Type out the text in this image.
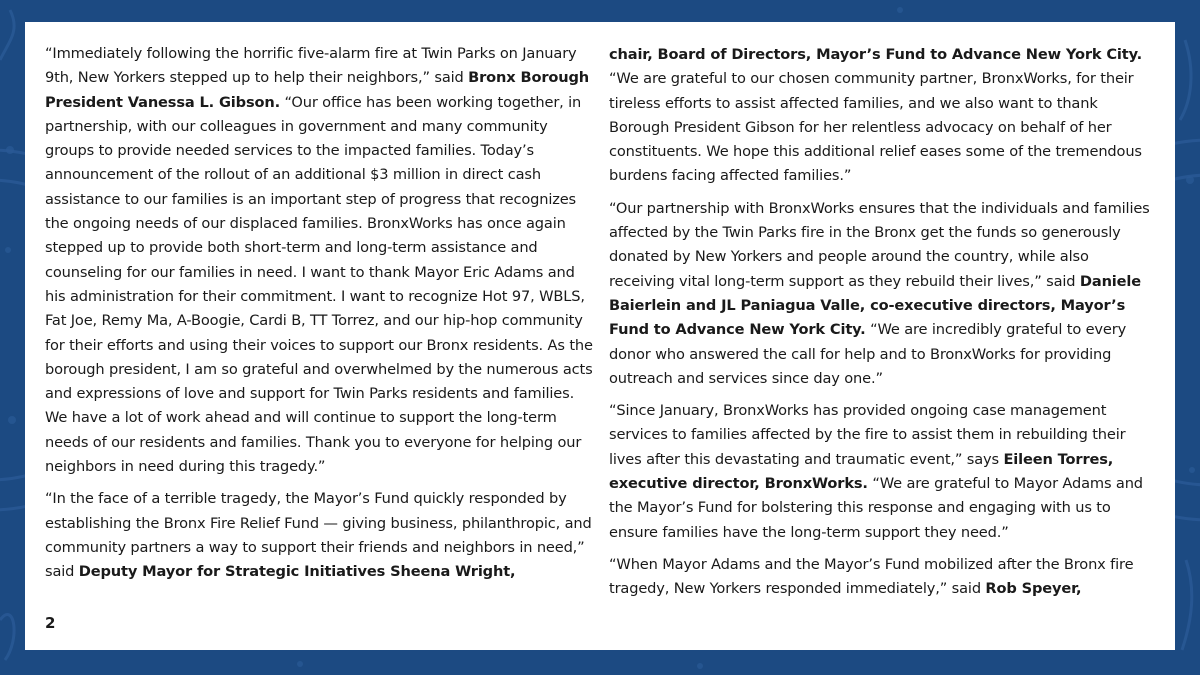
“Immediately following the horrific five-alarm fire at Twin Parks on January 9th, New Yorkers stepped up to help their neighbors,” said Bronx Borough President Vanessa L. Gibson. “Our office has been working together, in partnership, with our colleagues in government and many community groups to provide needed services to the impacted families. Today’s announcement of the rollout of an additional $3 million in direct cash assistance to our families is an important step of progress that recognizes the ongoing needs of our displaced families. BronxWorks has once again stepped up to provide both short-term and long-term assistance and counseling for our families in need. I want to thank Mayor Eric Adams and his administration for their commitment. I want to recognize Hot 97, WBLS, Fat Joe, Remy Ma, A-Boogie, Cardi B, TT Torrez, and our hip-hop community for their efforts and using their voices to support our Bronx residents. As the borough president, I am so grateful and overwhelmed by the numerous acts and expressions of love and support for Twin Parks residents and families. We have a lot of work ahead and will continue to support the long-term needs of our residents and families. Thank you to everyone for helping our neighbors in need during this tragedy.”

“In the face of a terrible tragedy, the Mayor’s Fund quickly responded by establishing the Bronx Fire Relief Fund — giving business, philanthropic, and community partners a way to support their friends and neighbors in need,” said Deputy Mayor for Strategic Initiatives Sheena Wright,

chair, Board of Directors, Mayor’s Fund to Advance New York City. “We are grateful to our chosen community partner, BronxWorks, for their tireless efforts to assist affected families, and we also want to thank Borough President Gibson for her relentless advocacy on behalf of her constituents. We hope this additional relief eases some of the tremendous burdens facing affected families.”

“Our partnership with BronxWorks ensures that the individuals and families affected by the Twin Parks fire in the Bronx get the funds so generously donated by New Yorkers and people around the country, while also receiving vital long-term support as they rebuild their lives,” said Daniele Baierlein and JL Paniagua Valle, co-executive directors, Mayor’s Fund to Advance New York City. “We are incredibly grateful to every donor who answered the call for help and to BronxWorks for providing outreach and services since day one.”

“Since January, BronxWorks has provided ongoing case management services to families affected by the fire to assist them in rebuilding their lives after this devastating and traumatic event,” says Eileen Torres, executive director, BronxWorks. “We are grateful to Mayor Adams and the Mayor’s Fund for bolstering this response and engaging with us to ensure families have the long-term support they need.”

“When Mayor Adams and the Mayor’s Fund mobilized after the Bronx fire tragedy, New Yorkers responded immediately,” said Rob Speyer,

2
